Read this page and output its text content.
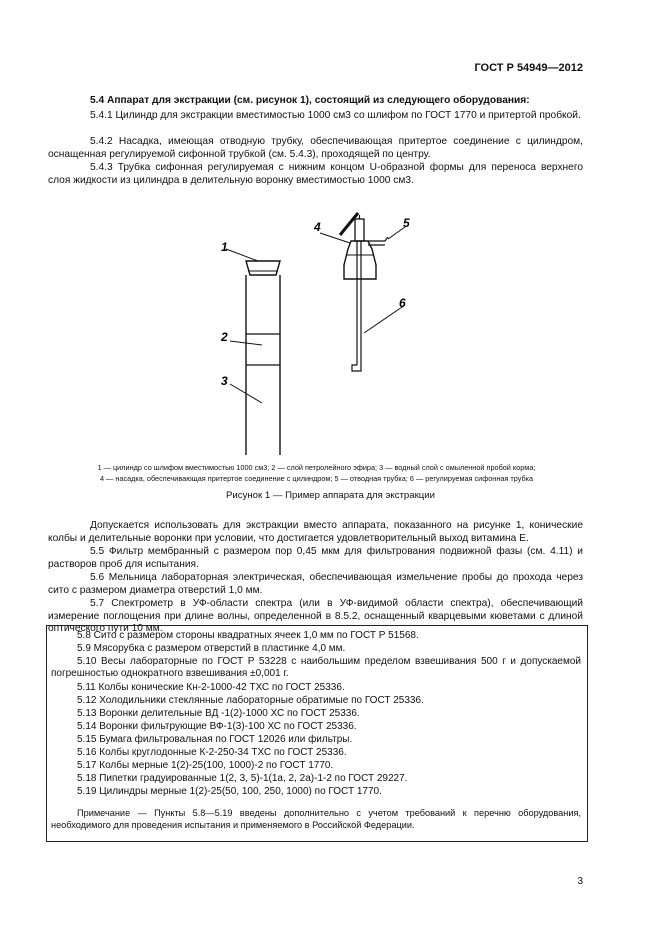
ГОСТ Р 54949—2012
5.4 Аппарат для экстракции (см. рисунок 1), состоящий из следующего оборудования:
5.4.1 Цилиндр для экстракции вместимостью 1000 см3 со шлифом по ГОСТ 1770 и притертой пробкой.
5.4.2 Насадка, имеющая отводную трубку, обеспечивающая притертое соединение с цилиндром, оснащенная регулируемой сифонной трубкой (см. 5.4.3), проходящей по центру.
5.4.3 Трубка сифонная регулируемая с нижним концом U-образной формы для переноса верхнего слоя жидкости из цилиндра в делительную воронку вместимостью 1000 см3.
1
2
3
4	5
6
1 — цилиндр со шлифом вместимостью 1000 см3; 2 — слой петролейного эфира; 3 — водный слой с омыленной пробой корма;
4 — насадка, обеспечивающая притертое соединение с цилиндром; 5 — отводная трубка; 6 — регулируемая сифонная трубка
Рисунок 1 — Пример аппарата для экстракции
Допускается использовать для экстракции вместо аппарата, показанного на рисунке 1, конические колбы и делительные воронки при условии, что достигается удовлетворительный выход витамина Е.
5.5 Фильтр мембранный с размером пор 0,45 мкм для фильтрования подвижной фазы (см. 4.11) и растворов проб для испытания.
5.6 Мельница лабораторная электрическая, обеспечивающая измельчение пробы до прохода через сито с размером диаметра отверстий 1,0 мм.
5.7 Спектрометр в УФ-области спектра (или в УФ-видимой области спектра), обеспечивающий измерение поглощения при длине волны, определенной в 8.5.2, оснащенный кварцевыми кюветами с длиной оптического пути 10 мм.
5.8 Сито с размером стороны квадратных ячеек 1,0 мм по ГОСТ Р 51568.
5.9 Мясорубка с размером отверстий в пластинке 4,0 мм.
5.10 Весы лабораторные по ГОСТ Р 53228 с наибольшим пределом взвешивания 500 г и допускаемой погрешностью однократного взвешивания ±0,001 г.
5.11 Колбы конические Кн-2-1000-42 ТХС по ГОСТ 25336.
5.12 Холодильники стеклянные лабораторные обратимые по ГОСТ 25336.
5.13 Воронки делительные ВД -1(2)-1000 ХС по ГОСТ 25336.
5.14 Воронки фильтрующие ВФ-1(3)-100 ХС по ГОСТ 25336.
5.15 Бумага фильтровальная по ГОСТ 12026 или фильтры.
5.16 Колбы круглодонные К-2-250-34 ТХС по ГОСТ 25336.
5.17 Колбы мерные 1(2)-25(100, 1000)-2 по ГОСТ 1770.
5.18 Пипетки градуированные 1(2, 3, 5)-1(1а, 2, 2а)-1-2 по ГОСТ 29227.
5.19 Цилиндры мерные 1(2)-25(50, 100, 250, 1000) по ГОСТ 1770.
Примечание — Пункты 5.8—5.19 введены дополнительно с учетом требований к перечню оборудования, необходимого для проведения испытания и применяемого в Российской Федерации.
3
